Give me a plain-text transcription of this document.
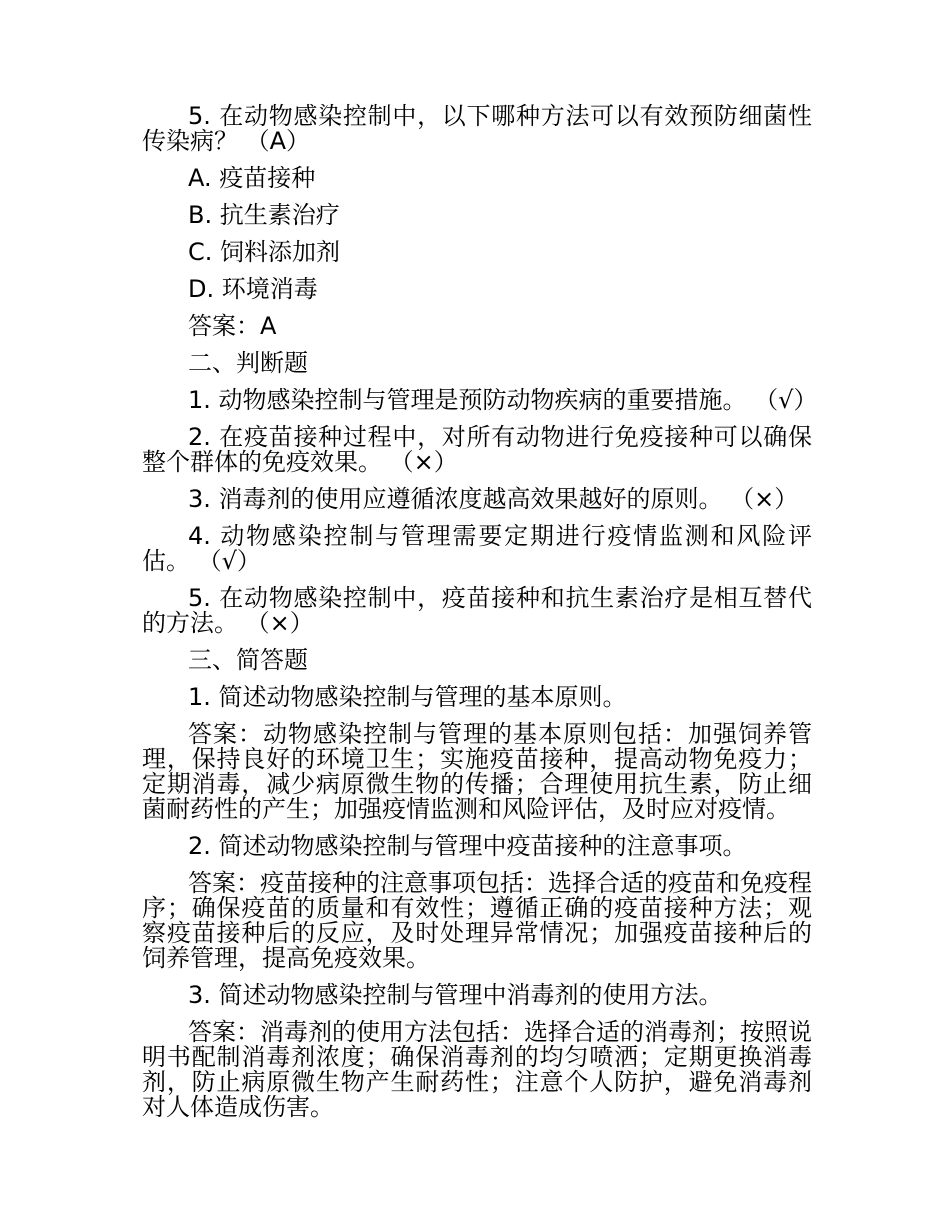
5. 在动物感染控制中，以下哪种方法可以有效预防细菌性传染病？ （A）

A. 疫苗接种

B. 抗生素治疗

C. 饲料添加剂

D. 环境消毒

答案：A

二、判断题

1. 动物感染控制与管理是预防动物疾病的重要措施。 （√）

2. 在疫苗接种过程中，对所有动物进行免疫接种可以确保整个群体的免疫效果。 （×）

3. 消毒剂的使用应遵循浓度越高效果越好的原则。 （×）

4. 动物感染控制与管理需要定期进行疫情监测和风险评估。 （√）

5. 在动物感染控制中，疫苗接种和抗生素治疗是相互替代的方法。 （×）

三、简答题

1. 简述动物感染控制与管理的基本原则。

答案：动物感染控制与管理的基本原则包括：加强饲养管理，保持良好的环境卫生；实施疫苗接种，提高动物免疫力；定期消毒，减少病原微生物的传播；合理使用抗生素，防止细菌耐药性的产生；加强疫情监测和风险评估，及时应对疫情。

2. 简述动物感染控制与管理中疫苗接种的注意事项。

答案：疫苗接种的注意事项包括：选择合适的疫苗和免疫程序；确保疫苗的质量和有效性；遵循正确的疫苗接种方法；观察疫苗接种后的反应，及时处理异常情况；加强疫苗接种后的饲养管理，提高免疫效果。

3. 简述动物感染控制与管理中消毒剂的使用方法。

答案：消毒剂的使用方法包括：选择合适的消毒剂；按照说明书配制消毒剂浓度；确保消毒剂的均匀喷洒；定期更换消毒剂，防止病原微生物产生耐药性；注意个人防护，避免消毒剂对人体造成伤害。
